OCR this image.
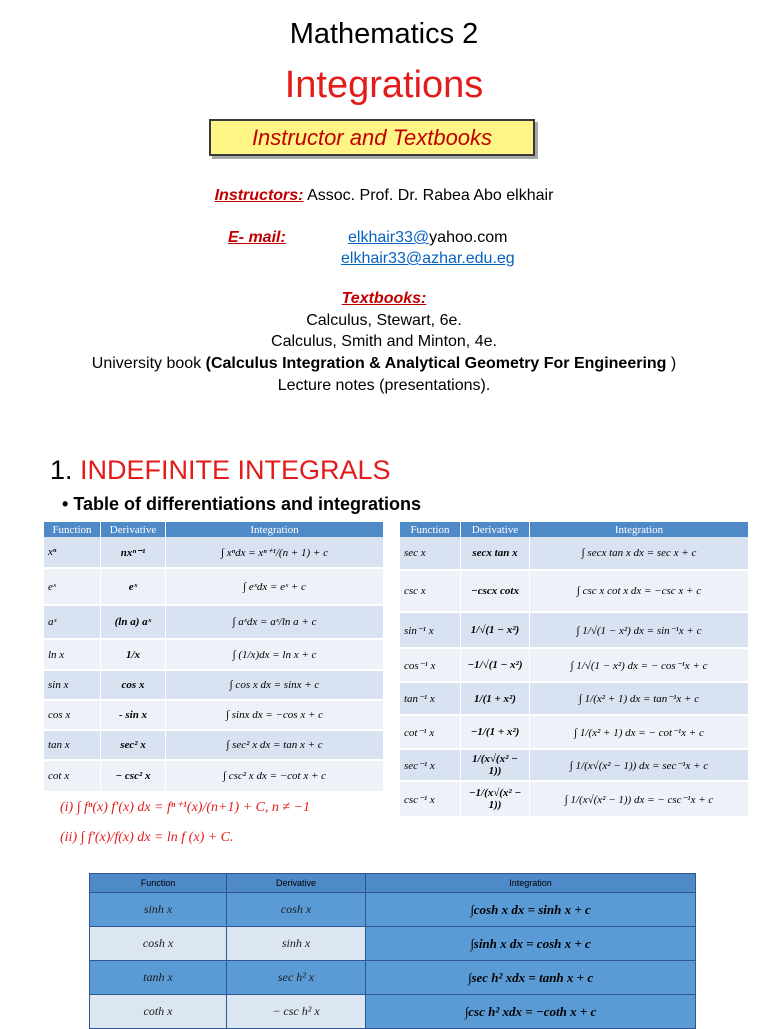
Mathematics 2
Integrations
Instructor and Textbooks
Instructors: Assoc. Prof. Dr. Rabea Abo elkhair
E- mail:	elkhair33@yahoo.com
elkhair33@azhar.edu.eg
Textbooks:
Calculus, Stewart, 6e.
Calculus, Smith and Minton, 4e.
University book (Calculus Integration & Analytical Geometry For Engineering )
Lecture notes (presentations).
1. INDEFINITE INTEGRALS
• Table of differentiations and integrations
Function	Derivative	Integration
xⁿ	nxⁿ⁻¹	∫ xⁿdx = xⁿ⁺¹/(n + 1) + c
eˣ	eˣ	∫ eˣdx = eˣ + c
aˣ	(ln a) aˣ	∫ aˣdx = aˣ/ln a + c
ln x	1/x	∫ (1/x)dx = ln x + c
sin x	cos x	∫ cos x dx = sinx + c
cos x	- sin x	∫ sinx dx = −cos x + c
tan x	sec² x	∫ sec² x dx = tan x + c
cot x	− csc² x	∫ csc² x dx = −cot x + c
Function	Derivative	Integration
sec x	secx tan x	∫ secx tan x dx = sec x + c
csc x	−cscx cotx	∫ csc x cot x dx = −csc x + c
sin⁻¹ x	1/√(1 − x²)	∫ 1/√(1 − x²) dx = sin⁻¹x + c
cos⁻¹ x	−1/√(1 − x²)	∫ 1/√(1 − x²) dx = − cos⁻¹x + c
tan⁻¹ x	1/(1 + x²)	∫ 1/(x² + 1) dx = tan⁻¹x + c
cot⁻¹ x	−1/(1 + x²)	∫ 1/(x² + 1) dx = − cot⁻¹x + c
sec⁻¹ x	1/(x√(x² − 1))	∫ 1/(x√(x² − 1)) dx = sec⁻¹x + c
csc⁻¹ x	−1/(x√(x² − 1))	∫ 1/(x√(x² − 1)) dx = − csc⁻¹x + c
(i) ∫ fⁿ(x) f′(x) dx = fⁿ⁺¹(x)/(n+1) + C, n ≠ −1
(ii) ∫ f′(x)/f(x) dx = ln f (x) + C.
Function	Derivative	Integration
sinh x	cosh x	∫cosh x dx = sinh x + c
cosh x	sinh x	∫sinh x dx = cosh x + c
tanh x	sec h² x	∫sec h² xdx = tanh x + c
coth x	− csc h² x	∫csc h² xdx = −coth x + c
